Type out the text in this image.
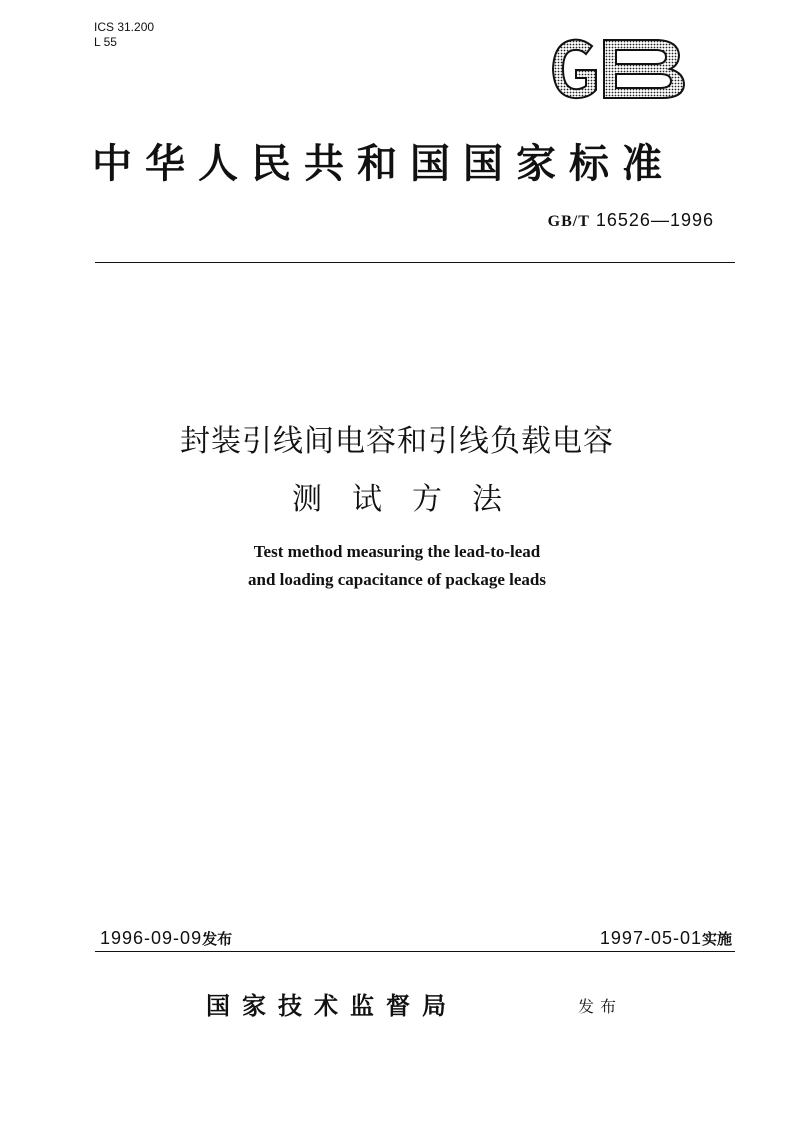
ICS 31.200
L 55
中华人民共和国国家标准
GB/T 16526—1996
封装引线间电容和引线负载电容
测试方法
Test method measuring the lead-to-lead
and loading capacitance of package leads
1996-09-09发布	1997-05-01实施
国家技术监督局	发布
